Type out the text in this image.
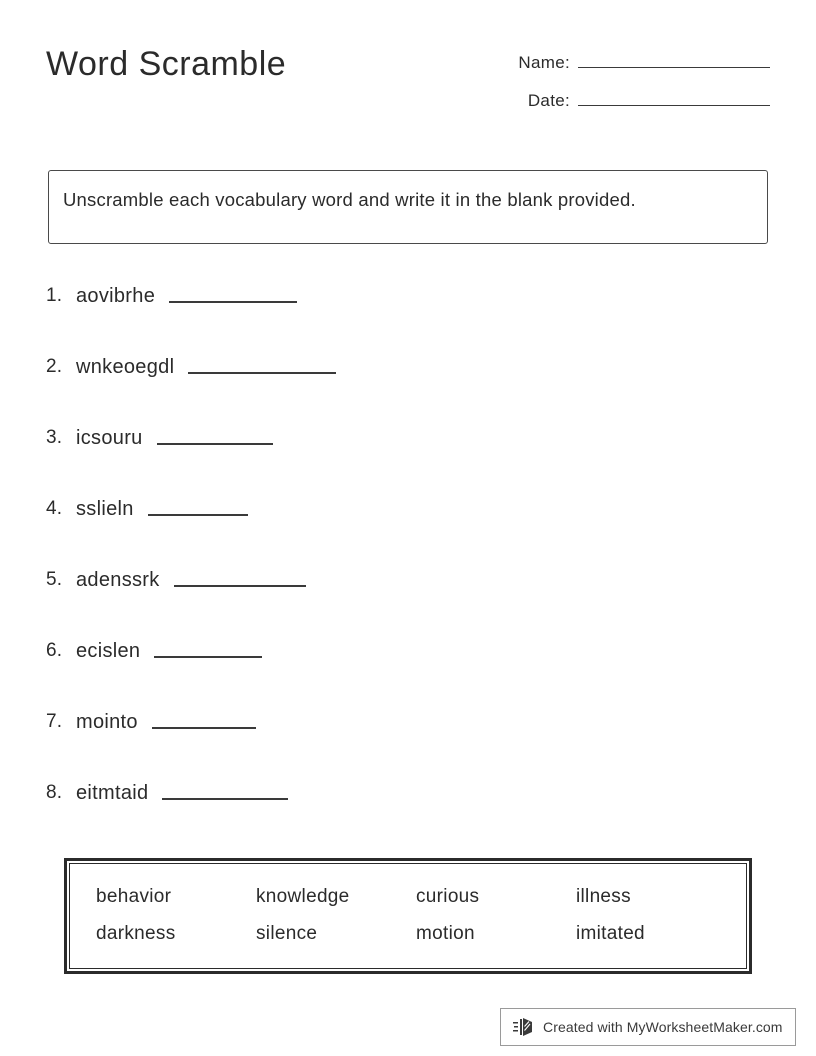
Word Scramble	Name:
Date:
Unscramble each vocabulary word and write it in the blank provided.
1. aovibrhe
2. wnkeoegdl
3. icsouru
4. sslieln
5. adenssrk
6. ecislen
7. mointo
8. eitmtaid
behavior	knowledge	curious	illness
darkness	silence	motion	imitated
Created with MyWorksheetMaker.com
